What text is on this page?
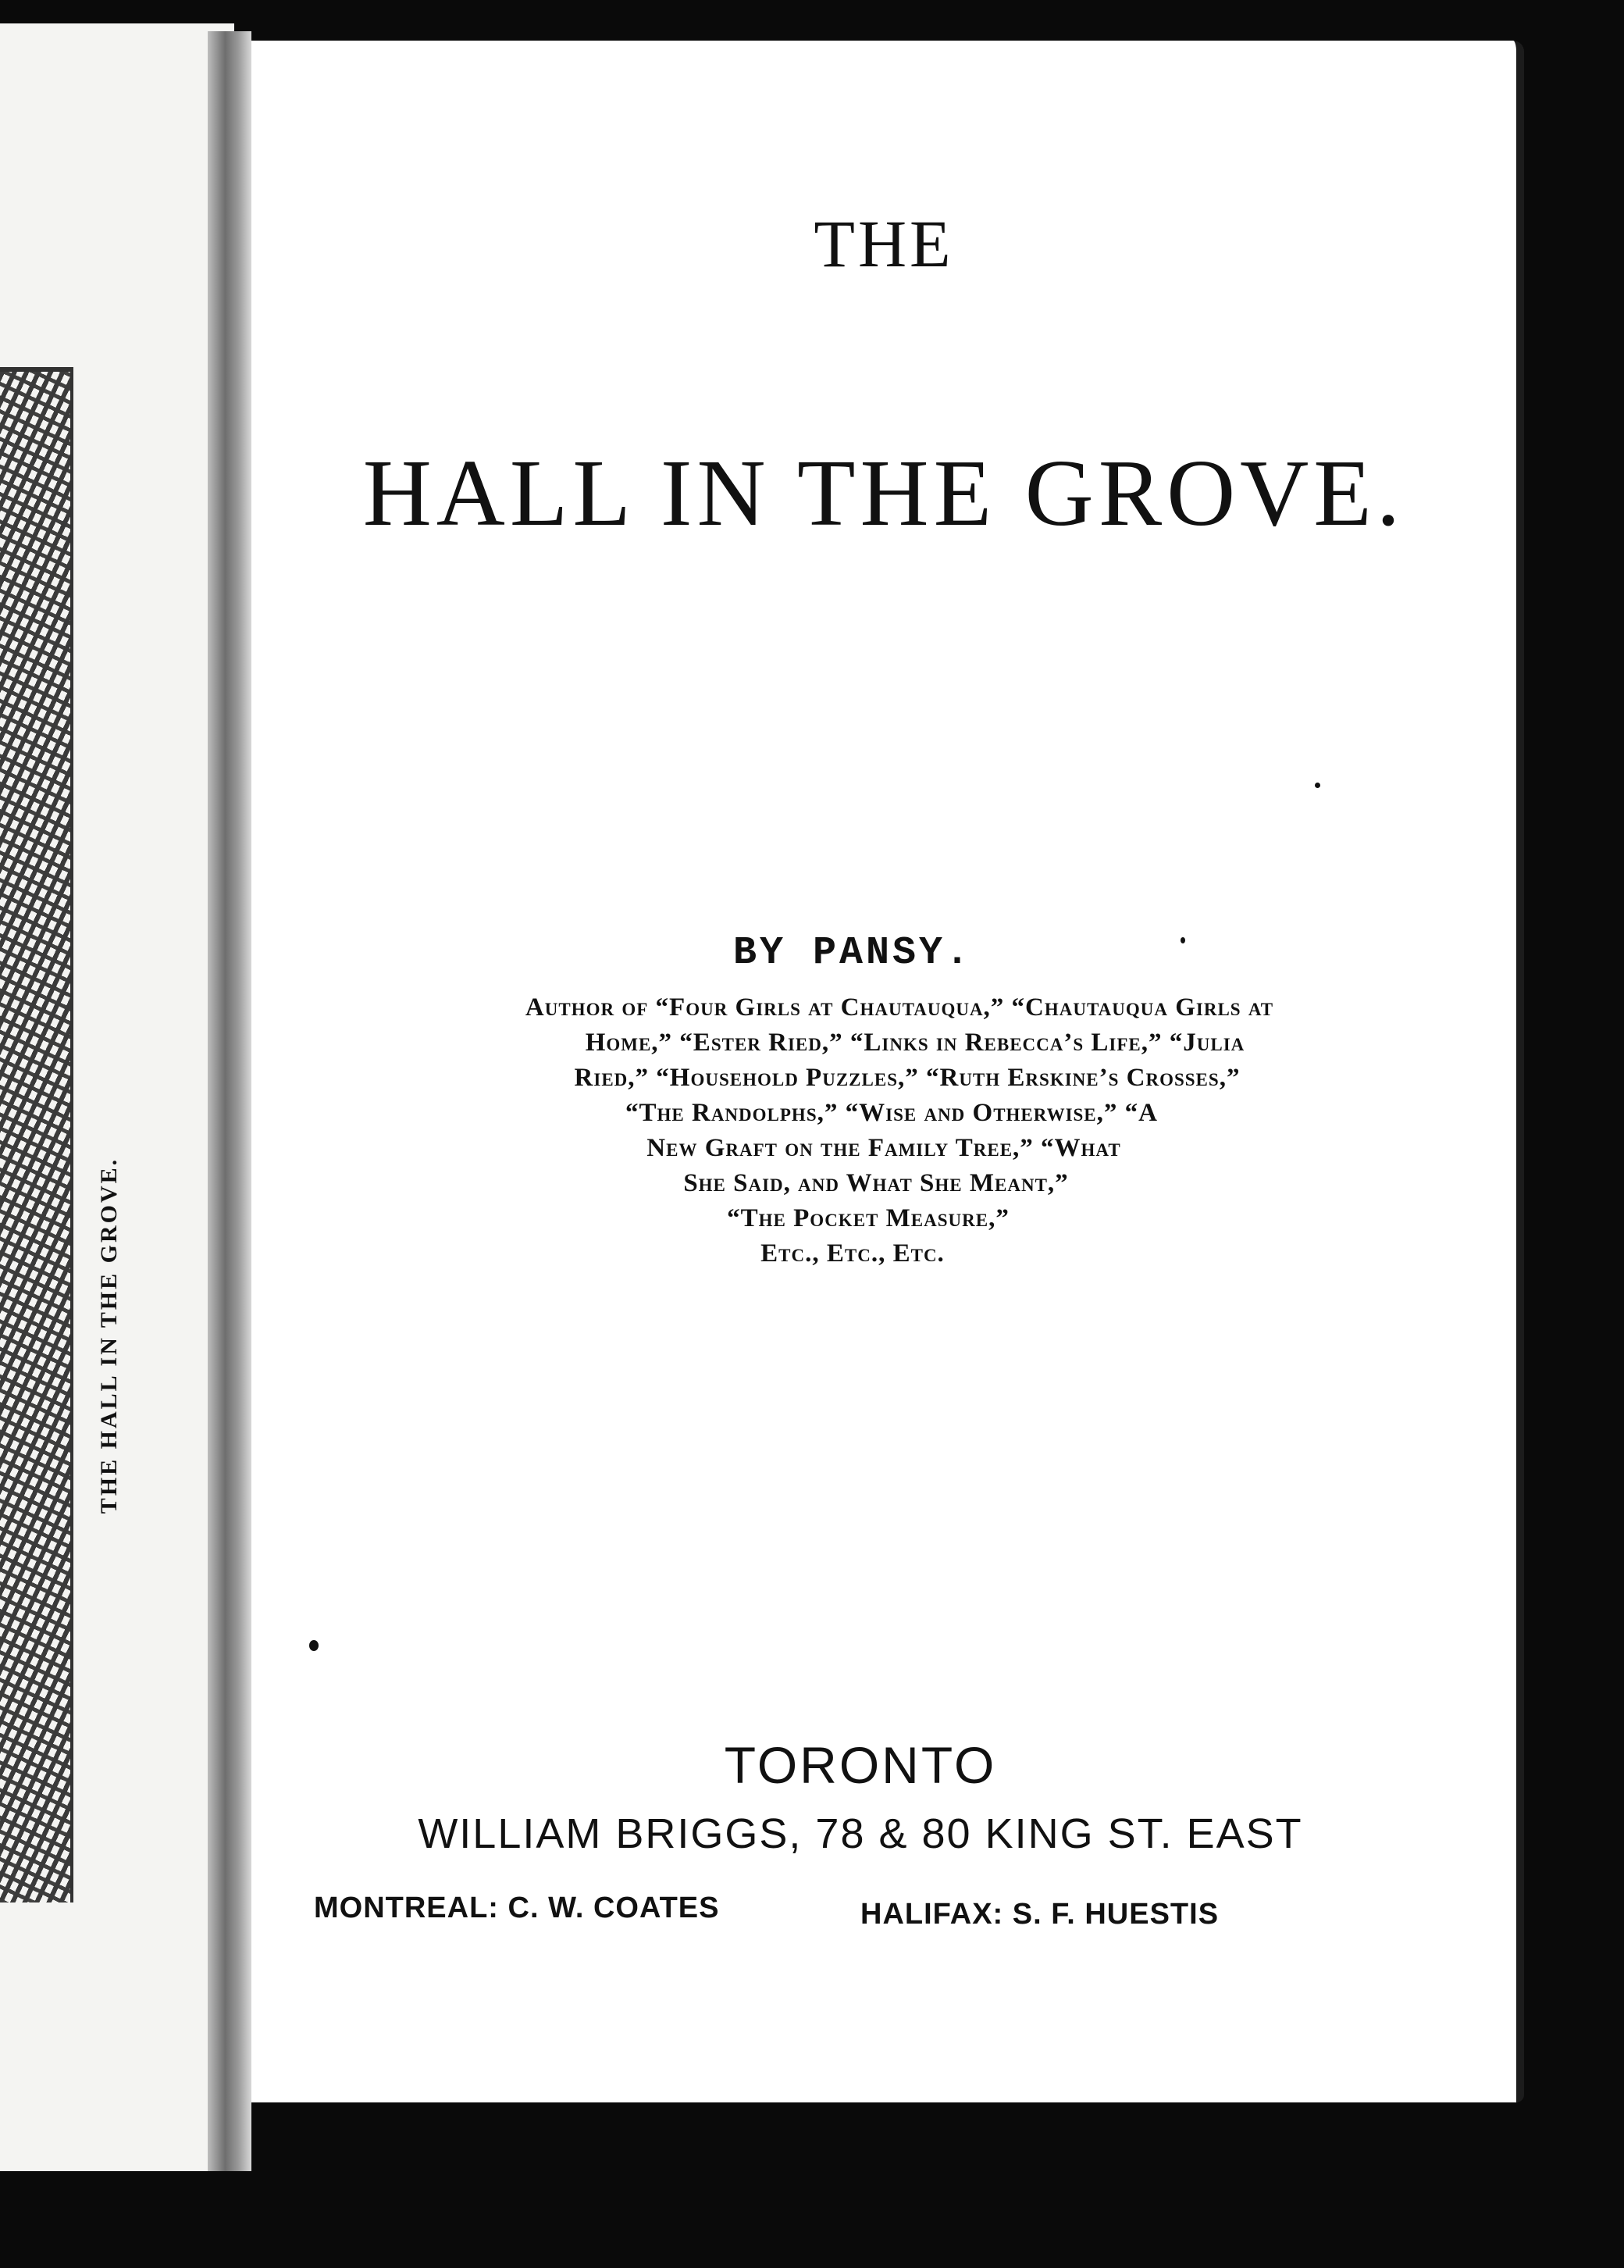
THE HALL IN THE GROVE.
THE
HALL IN THE GROVE.
BY PANSY.
Author of “Four Girls at Chautauqua,” “Chautauqua Girls at
Home,” “Ester Ried,” “Links in Rebecca’s Life,” “Julia
Ried,” “Household Puzzles,” “Ruth Erskine’s Crosses,”
“The Randolphs,” “Wise and Otherwise,” “A
New Graft on the Family Tree,” “What
She Said, and What She Meant,”
“The Pocket Measure,”
Etc., Etc., Etc.
TORONTO
WILLIAM BRIGGS, 78 & 80 KING ST. EAST
MONTREAL: C. W. COATES	HALIFAX: S. F. HUESTIS
